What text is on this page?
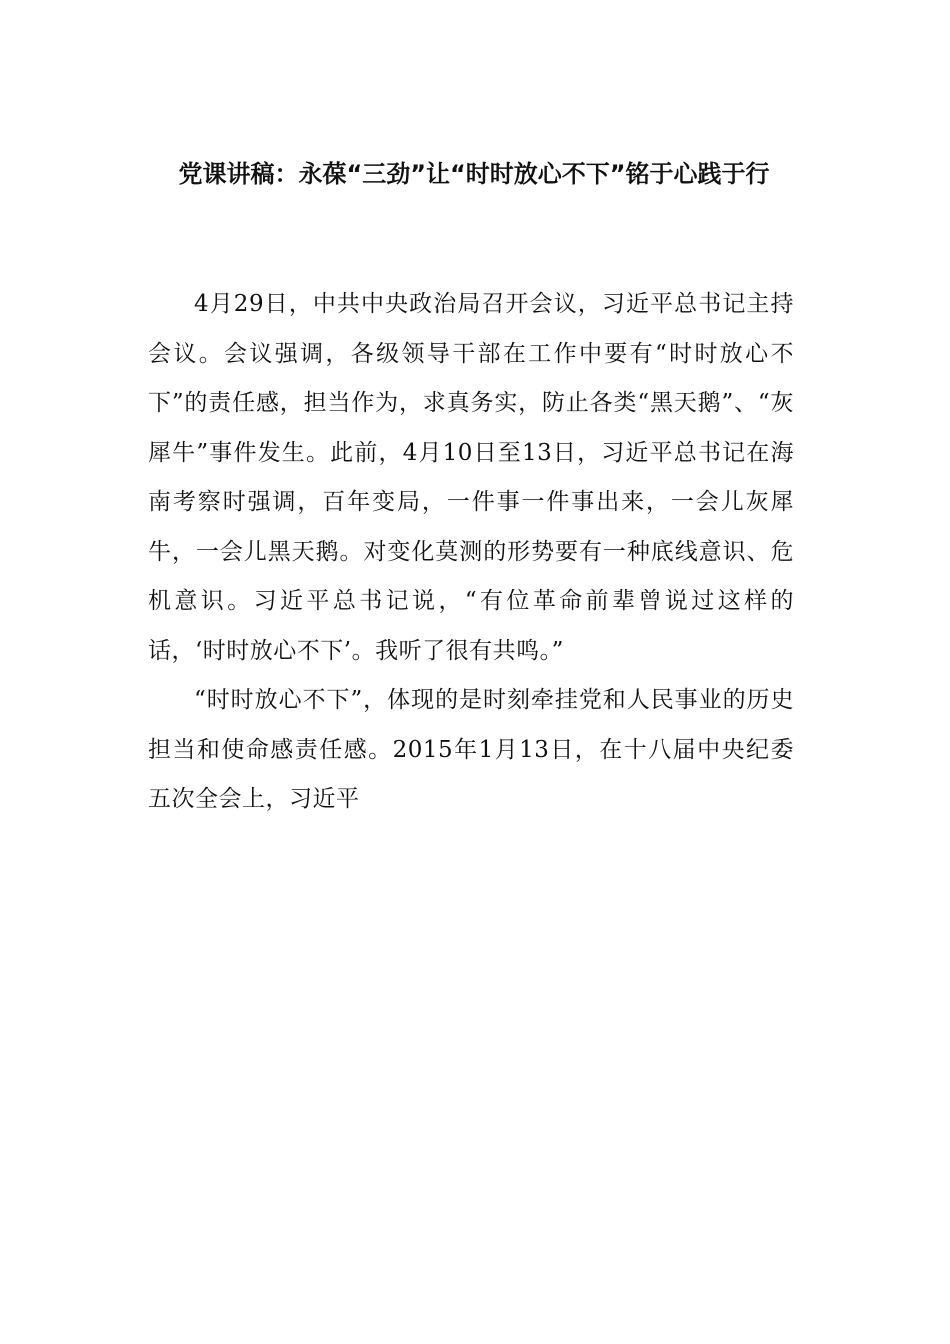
党课讲稿：永葆“三劲”让“时时放心不下”铭于心践于行

4月29日，中共中央政治局召开会议，习近平总书记主持会议。会议强调，各级领导干部在工作中要有“时时放心不下”的责任感，担当作为，求真务实，防止各类“黑天鹅”、“灰犀牛”事件发生。此前，4月10日至13日，习近平总书记在海南考察时强调，百年变局，一件事一件事出来，一会儿灰犀牛，一会儿黑天鹅。对变化莫测的形势要有一种底线意识、危机意识。习近平总书记说，“有位革命前辈曾说过这样的话，‘时时放心不下’。我听了很有共鸣。”

“时时放心不下”，体现的是时刻牵挂党和人民事业的历史担当和使命感责任感。2015年1月13日，在十八届中央纪委五次全会上，习近平
